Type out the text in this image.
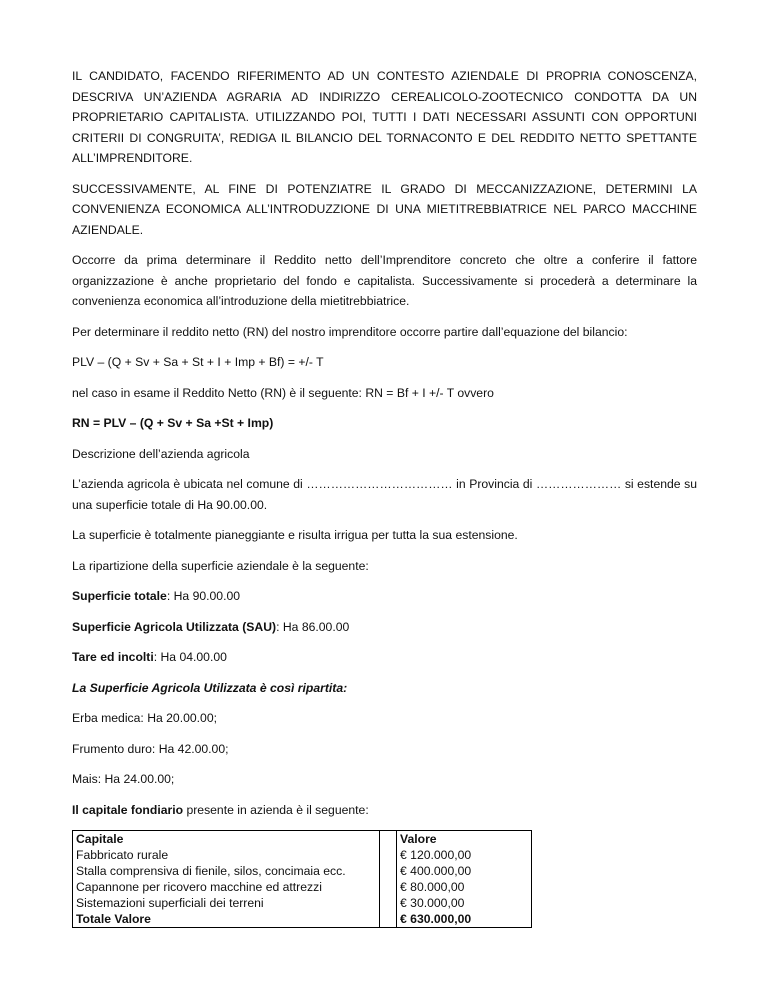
IL CANDIDATO, FACENDO RIFERIMENTO AD UN CONTESTO AZIENDALE DI PROPRIA CONOSCENZA, DESCRIVA UN’AZIENDA AGRARIA AD INDIRIZZO CEREALICOLO-ZOOTECNICO CONDOTTA DA UN PROPRIETARIO CAPITALISTA. UTILIZZANDO POI, TUTTI I DATI NECESSARI ASSUNTI CON OPPORTUNI CRITERII DI CONGRUITA’, REDIGA IL BILANCIO DEL TORNACONTO E DEL REDDITO NETTO SPETTANTE ALL’IMPRENDITORE.

SUCCESSIVAMENTE, AL FINE DI POTENZIATRE IL GRADO DI MECCANIZZAZIONE, DETERMINI LA CONVENIENZA ECONOMICA ALL’INTRODUZZIONE DI UNA MIETITREBBIATRICE NEL PARCO MACCHINE AZIENDALE.

Occorre da prima determinare il Reddito netto dell’Imprenditore concreto che oltre a conferire il fattore organizzazione è anche proprietario del fondo e capitalista. Successivamente si procederà a determinare la convenienza economica all’introduzione della mietitrebbiatrice.

Per determinare il reddito netto (RN) del nostro imprenditore occorre partire dall’equazione del bilancio:

PLV – (Q + Sv + Sa + St + I + Imp + Bf) = +/- T

nel caso in esame il Reddito Netto (RN) è il seguente: RN = Bf + I +/- T ovvero

RN = PLV – (Q + Sv + Sa +St + Imp)

Descrizione dell’azienda agricola

L’azienda agricola è ubicata nel comune di ……………………………… in Provincia di ………………… si estende su una superficie totale di Ha 90.00.00.

La superficie è totalmente pianeggiante e risulta irrigua per tutta la sua estensione.

La ripartizione della superficie aziendale è la seguente:

Superficie totale: Ha 90.00.00

Superficie Agricola Utilizzata (SAU): Ha 86.00.00

Tare ed incolti: Ha 04.00.00

La Superficie Agricola Utilizzata è così ripartita:

Erba medica: Ha 20.00.00;

Frumento duro: Ha 42.00.00;

Mais: Ha 24.00.00;

Il capitale fondiario presente in azienda è il seguente:

Capitale		Valore
Fabbricato rurale		€ 120.000,00
Stalla comprensiva di fienile, silos, concimaia ecc.		€ 400.000,00
Capannone per ricovero macchine ed attrezzi		€ 80.000,00
Sistemazioni superficiali dei terreni		€ 30.000,00
Totale Valore		€ 630.000,00
